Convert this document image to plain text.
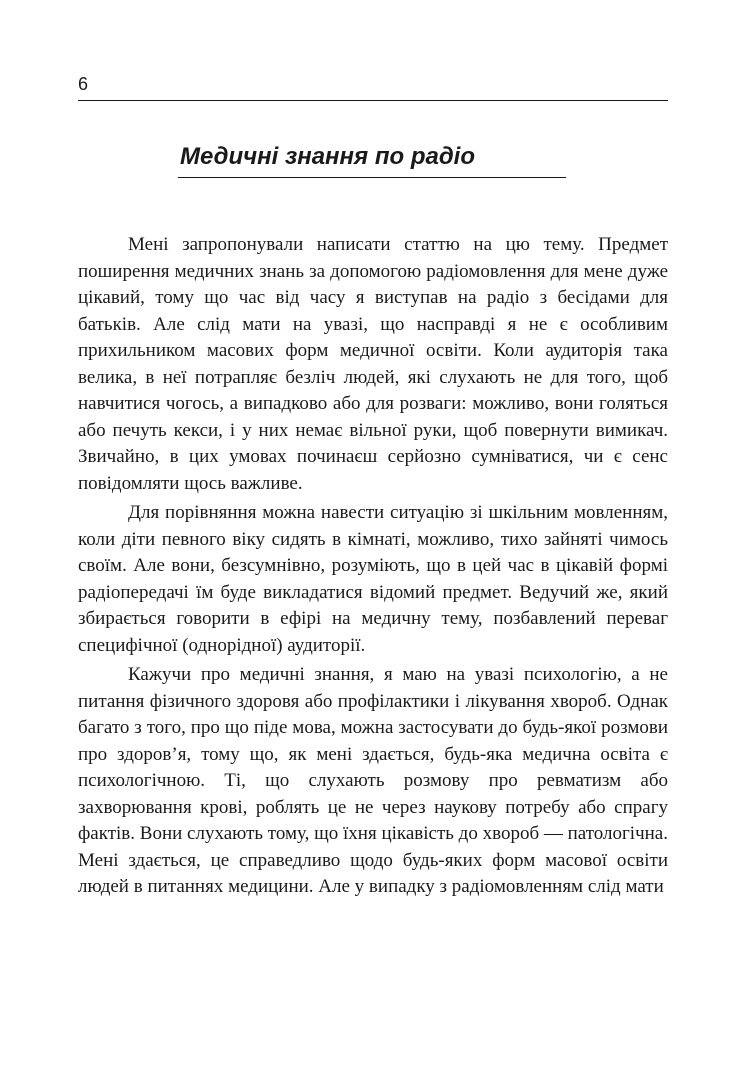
6
Медичні знання по радіо

Мені запропонували написати статтю на цю тему. Предмет поширення медичних знань за допомогою радіомовлення для мене дуже цікавий, тому що час від часу я виступав на радіо з бесідами для батьків. Але слід мати на увазі, що насправді я не є особливим прихильником масових форм медичної освіти. Коли аудиторія така велика, в неї потрапляє безліч людей, які слухають не для того, щоб навчитися чогось, а випадково або для розваги: можливо, вони голяться або печуть кекси, і у них немає вільної руки, щоб повернути вимикач. Звичайно, в цих умовах починаєш серйозно сумніватися, чи є сенс повідомляти щось важливе.

Для порівняння можна навести ситуацію зі шкільним мовленням, коли діти певного віку сидять в кімнаті, можливо, тихо зайняті чимось своїм. Але вони, безсумнівно, розуміють, що в цей час в цікавій формі радіопередачі їм буде викладатися відомий предмет. Ведучий же, який збирається говорити в ефірі на медичну тему, позбавлений переваг специфічної (однорідної) аудиторії.

Кажучи про медичні знання, я маю на увазі психологію, а не питання фізичного здоровя або профілактики і лікування хвороб. Однак багато з того, про що піде мова, можна застосувати до будь-якої розмови про здоров’я, тому що, як мені здається, будь-яка медична освіта є психологічною. Ті, що слухають розмову про ревматизм або захворювання крові, роблять це не через наукову потребу або спрагу фактів. Вони слухають тому, що їхня цікавість до хвороб — патологічна. Мені здається, це справедливо щодо будь-яких форм масової освіти людей в питаннях медицини. Але у випадку з радіомовленням слід мати
